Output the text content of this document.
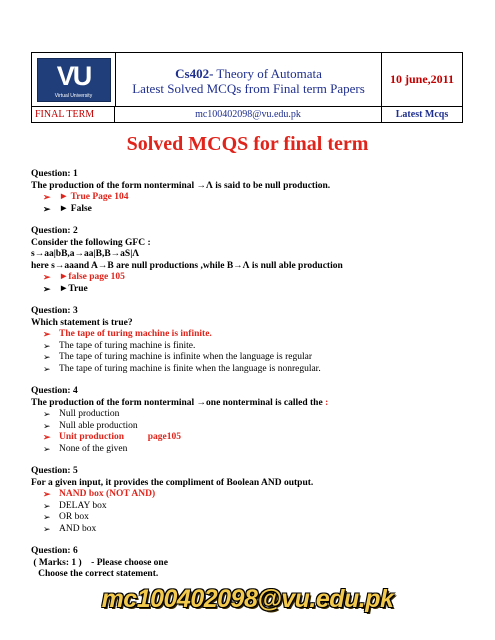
VU
Virtual University
Cs402- Theory of Automata
Latest Solved MCQs from Final term Papers
10 june,2011
FINAL TERM	mc100402098@vu.edu.pk	Latest Mcqs
Solved MCQS for final term

Question: 1

The production of the form nonterminal →Λ is said to be null production.

➢ ► True Page 104
➢ ► False

Question: 2

Consider the following GFC :

s→aa|bB,a→aa|B,B→aS|Λ

here s→aaand A→B are null productions ,while B→Λ is null able production

➢ ►false page 105
➢ ►True

Question: 3

Which statement is true?

➢ The tape of turing machine is infinite.
➢ The tape of turing machine is finite.
➢ The tape of turing machine is infinite when the language is regular
➢ The tape of turing machine is finite when the language is nonregular.

Question: 4

The production of the form nonterminal →one nonterminal is called the :

➢ Null production
➢ Null able production
➢ Unit production          page105
➢ None of the given

Question: 5

For a given input, it provides the compliment of Boolean AND output.

➢ NAND box (NOT AND)
➢ DELAY box
➢ OR box
➢ AND box

Question: 6

( Marks: 1 )    - Please choose one

Choose the correct statement.

mc100402098@vu.edu.pk
